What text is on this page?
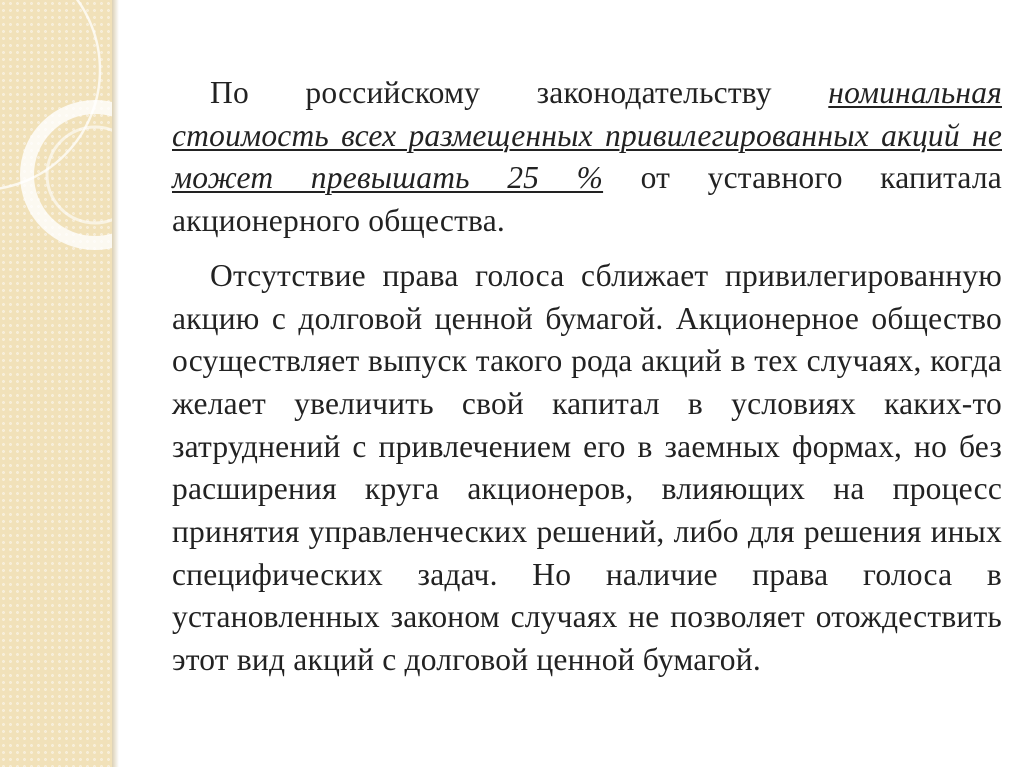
По российскому законодательству номинальная стоимость всех размещенных привилегированных акций не может превышать 25 % от уставного капитала акционерного общества.

Отсутствие права голоса сближает привилегированную акцию с долговой ценной бумагой. Акционерное общество осуществляет выпуск такого рода акций в тех случаях, когда желает увеличить свой капитал в условиях каких-то затруднений с привлечением его в заемных формах, но без расширения круга акционеров, влияющих на процесс принятия управленческих решений, либо для решения иных специфических задач. Но наличие права голоса в установленных законом случаях не позволяет отождествить этот вид акций с долговой ценной бумагой.
